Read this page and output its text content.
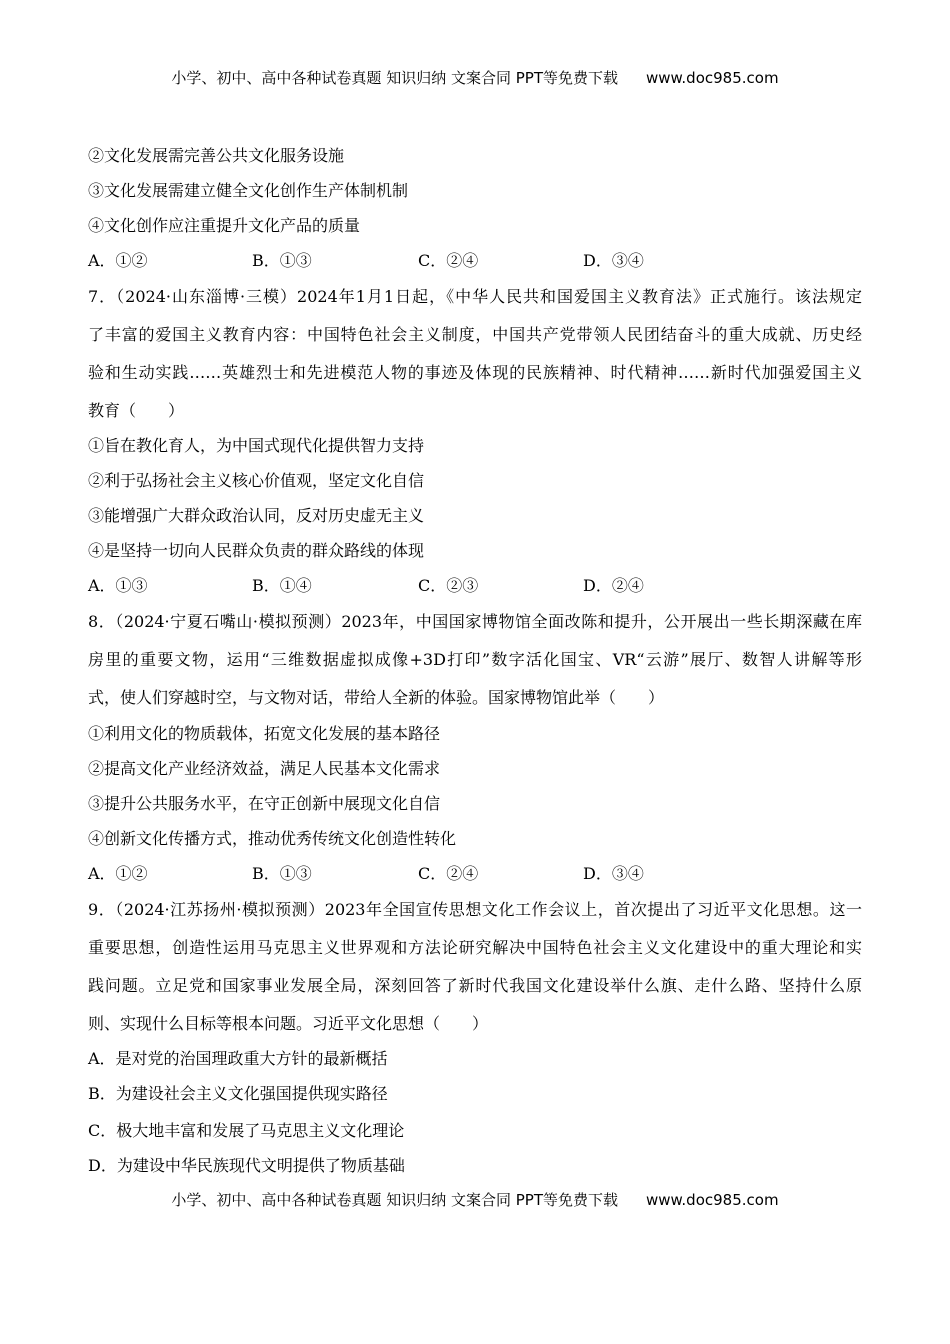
小学、初中、高中各种试卷真题 知识归纳 文案合同 PPT等免费下载 www.doc985.com
②文化发展需完善公共文化服务设施
③文化发展需建立健全文化创作生产体制机制
④文化创作应注重提升文化产品的质量
A．①②	B．①③	C．②④	D．③④
7．（2024·山东淄博·三模）2024年1月1日起，《中华人民共和国爱国主义教育法》正式施行。该法规定
了丰富的爱国主义教育内容：中国特色社会主义制度，中国共产党带领人民团结奋斗的重大成就、历史经
验和生动实践……英雄烈士和先进模范人物的事迹及体现的民族精神、时代精神……新时代加强爱国主义
教育（　　）
①旨在教化育人，为中国式现代化提供智力支持
②利于弘扬社会主义核心价值观，坚定文化自信
③能增强广大群众政治认同，反对历史虚无主义
④是坚持一切向人民群众负责的群众路线的体现
A．①③	B．①④	C．②③	D．②④
8．（2024·宁夏石嘴山·模拟预测）2023年，中国国家博物馆全面改陈和提升，公开展出一些长期深藏在库
房里的重要文物，运用“三维数据虚拟成像+3D打印”数字活化国宝、VR“云游”展厅、数智人讲解等形
式，使人们穿越时空，与文物对话，带给人全新的体验。国家博物馆此举（　　）
①利用文化的物质载体，拓宽文化发展的基本路径
②提高文化产业经济效益，满足人民基本文化需求
③提升公共服务水平，在守正创新中展现文化自信
④创新文化传播方式，推动优秀传统文化创造性转化
A．①②	B．①③	C．②④	D．③④
9．（2024·江苏扬州·模拟预测）2023年全国宣传思想文化工作会议上，首次提出了习近平文化思想。这一
重要思想，创造性运用马克思主义世界观和方法论研究解决中国特色社会主义文化建设中的重大理论和实
践问题。立足党和国家事业发展全局，深刻回答了新时代我国文化建设举什么旗、走什么路、坚持什么原
则、实现什么目标等根本问题。习近平文化思想（　　）
A．是对党的治国理政重大方针的最新概括
B．为建设社会主义文化强国提供现实路径
C．极大地丰富和发展了马克思主义文化理论
D．为建设中华民族现代文明提供了物质基础
小学、初中、高中各种试卷真题 知识归纳 文案合同 PPT等免费下载 www.doc985.com
